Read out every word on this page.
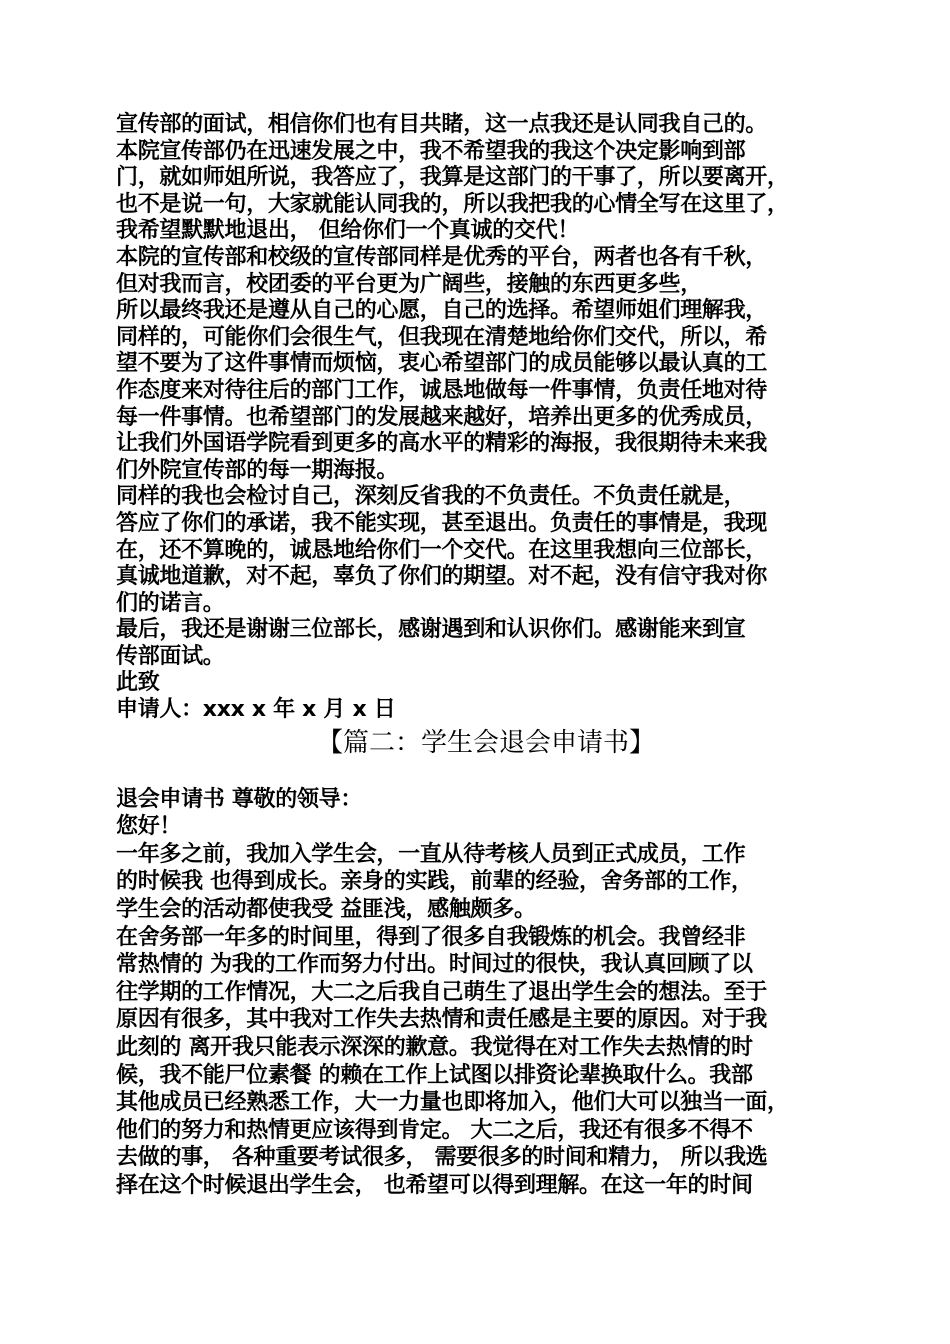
宣传部的面试，相信你们也有目共睹，这一点我还是认同我自己的。
本院宣传部仍在迅速发展之中，我不希望我的我这个决定影响到部
门，就如师姐所说，我答应了，我算是这部门的干事了，所以要离开，
也不是说一句，大家就能认同我的，所以我把我的心情全写在这里了，
我希望默默地退出， 但给你们一个真诚的交代！
本院的宣传部和校级的宣传部同样是优秀的平台，两者也各有千秋，
但对我而言，校团委的平台更为广阔些，接触的东西更多些，
所以最终我还是遵从自己的心愿，自己的选择。希望师姐们理解我，
同样的，可能你们会很生气，但我现在清楚地给你们交代，所以，希
望不要为了这件事情而烦恼，衷心希望部门的成员能够以最认真的工
作态度来对待往后的部门工作，诚恳地做每一件事情，负责任地对待
每一件事情。也希望部门的发展越来越好，培养出更多的优秀成员，
让我们外国语学院看到更多的高水平的精彩的海报，我很期待未来我
们外院宣传部的每一期海报。
同样的我也会检讨自己，深刻反省我的不负责任。不负责任就是，
答应了你们的承诺，我不能实现，甚至退出。负责任的事情是，我现
在，还不算晚的，诚恳地给你们一个交代。在这里我想向三位部长，
真诚地道歉，对不起，辜负了你们的期望。对不起，没有信守我对你
们的诺言。
最后，我还是谢谢三位部长，感谢遇到和认识你们。感谢能来到宣
传部面试。
此致
申请人：xxx x 年 x 月 x 日
【篇二：学生会退会申请书】
退会申请书 尊敬的领导：
您好！
一年多之前，我加入学生会，一直从待考核人员到正式成员，工作
的时候我 也得到成长。亲身的实践，前辈的经验，舍务部的工作，
学生会的活动都使我受 益匪浅，感触颇多。
在舍务部一年多的时间里，得到了很多自我锻炼的机会。我曾经非
常热情的 为我的工作而努力付出。时间过的很快，我认真回顾了以
往学期的工作情况，大二之后我自己萌生了退出学生会的想法。至于
原因有很多，其中我对工作失去热情和责任感是主要的原因。对于我
此刻的 离开我只能表示深深的歉意。我觉得在对工作失去热情的时
候，我不能尸位素餐 的赖在工作上试图以排资论辈换取什么。我部
其他成员已经熟悉工作，大一力量也即将加入，他们大可以独当一面，
他们的努力和热情更应该得到肯定。 大二之后，我还有很多不得不
去做的事， 各种重要考试很多， 需要很多的时间和精力， 所以我选
择在这个时候退出学生会， 也希望可以得到理解。在这一年的时间
